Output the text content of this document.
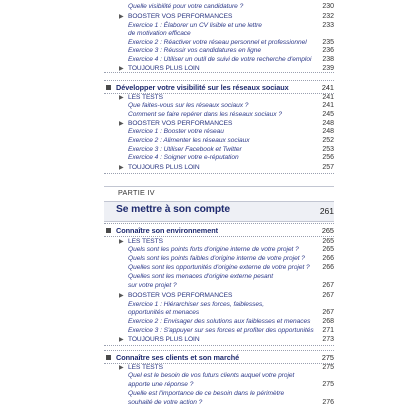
Quelle visibilité pour votre candidature ?	230
▶ BOOSTER VOS PERFORMANCES	232
Exercice 1 : Élaborer un CV lisible et une lettre	233
de motivation efficace
Exercice 2 : Réactiver votre réseau personnel et professionnel	235
Exercice 3 : Réussir vos candidatures en ligne	236
Exercice 4 : Utiliser un outil de suivi de votre recherche d'emploi	238
▶ TOUJOURS PLUS LOIN	239
Développer votre visibilité sur les réseaux sociaux	241
▶ LES TESTS	241
Que faites-vous sur les réseaux sociaux ?	241
Comment se faire repérer dans les réseaux sociaux ?	245
▶ BOOSTER VOS PERFORMANCES	248
Exercice 1 : Booster votre réseau	248
Exercice 2 : Alimenter les réseaux sociaux	252
Exercice 3 : Utiliser Facebook et Twitter	253
Exercice 4 : Soigner votre e-réputation	256
▶ TOUJOURS PLUS LOIN	257
Connaître son environnement	265
▶ LES TESTS	265
Quels sont les points forts d'origine interne de votre projet ?	265
Quels sont les points faibles d'origine interne de votre projet ?	266
Quelles sont les opportunités d'origine externe de votre projet ?	266
Quelles sont les menaces d'origine externe pesant
sur votre projet ?	267
▶ BOOSTER VOS PERFORMANCES	267
Exercice 1 : Hiérarchiser ses forces, faiblesses,
opportunités et menaces	267
Exercice 2 : Envisager des solutions aux faiblesses et menaces	268
Exercice 3 : S'appuyer sur ses forces et profiter des opportunités	271
▶ TOUJOURS PLUS LOIN	273
Connaître ses clients et son marché	275
▶ LES TESTS	275
Quel est le besoin de vos futurs clients auquel votre projet
apporte une réponse ?	275
Quelle est l'importance de ce besoin dans le périmètre
souhaité de votre action ?	276
PARTIE IV
Se mettre à son compte	261
